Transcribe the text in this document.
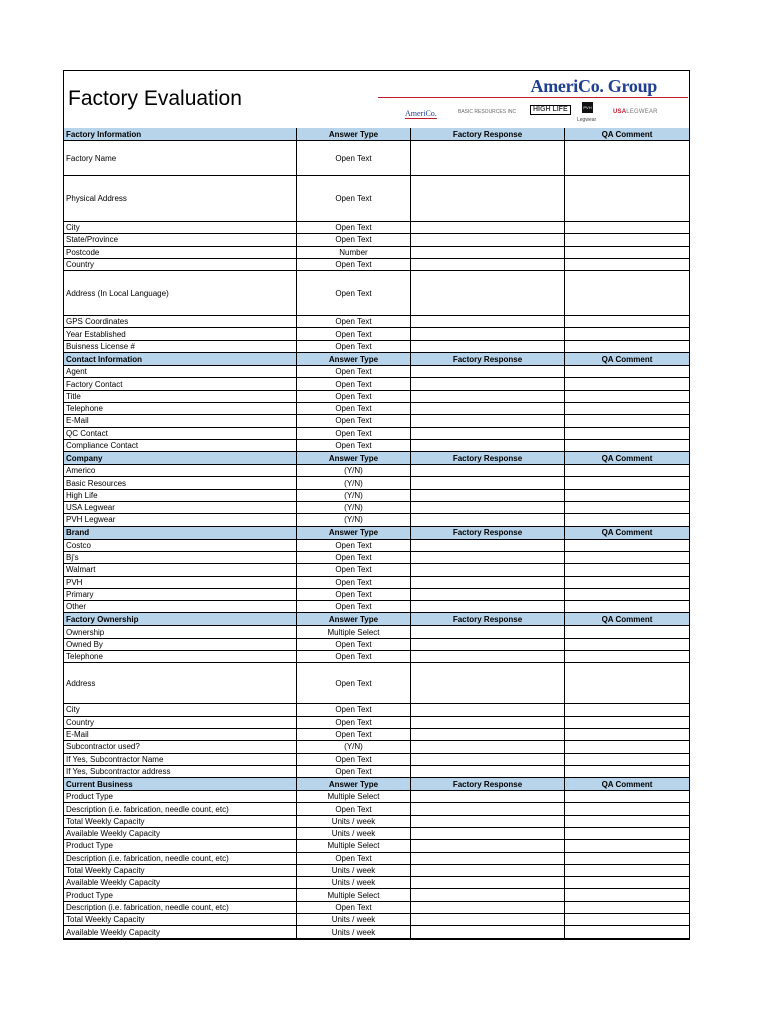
Factory Evaluation
AmeriCo. Group
AmeriCo.	BASIC RESOURCES INC	HIGH LIFE	PVH
Legwear
USALEGWEAR
Factory Information	Answer Type	Factory Response	QA Comment
Factory Name	Open Text
Physical Address	Open Text
City	Open Text
State/Province	Open Text
Postcode	Number
Country	Open Text
Address (In Local Language)	Open Text
GPS Coordinates	Open Text
Year Established	Open Text
Buisness License #	Open Text
Contact Information	Answer Type	Factory Response	QA Comment
Agent	Open Text
Factory Contact	Open Text
Title	Open Text
Telephone	Open Text
E-Mail	Open Text
QC Contact	Open Text
Compliance Contact	Open Text
Company	Answer Type	Factory Response	QA Comment
Americo	(Y/N)
Basic Resources	(Y/N)
High Life	(Y/N)
USA Legwear	(Y/N)
PVH Legwear	(Y/N)
Brand	Answer Type	Factory Response	QA Comment
Costco	Open Text
Bj's	Open Text
Walmart	Open Text
PVH	Open Text
Primary	Open Text
Other	Open Text
Factory Ownership	Answer Type	Factory Response	QA Comment
Ownership	Multiple Select
Owned By	Open Text
Telephone	Open Text
Address	Open Text
City	Open Text
Country	Open Text
E-Mail	Open Text
Subcontractor used?	(Y/N)
If Yes, Subcontractor Name	Open Text
If Yes, Subcontractor address	Open Text
Current Business	Answer Type	Factory Response	QA Comment
Product Type	Multiple Select
Description (i.e. fabrication, needle count, etc)	Open Text
Total Weekly Capacity	Units / week
Available Weekly Capacity	Units / week
Product Type	Multiple Select
Description (i.e. fabrication, needle count, etc)	Open Text
Total Weekly Capacity	Units / week
Available Weekly Capacity	Units / week
Product Type	Multiple Select
Description (i.e. fabrication, needle count, etc)	Open Text
Total Weekly Capacity	Units / week
Available Weekly Capacity	Units / week
